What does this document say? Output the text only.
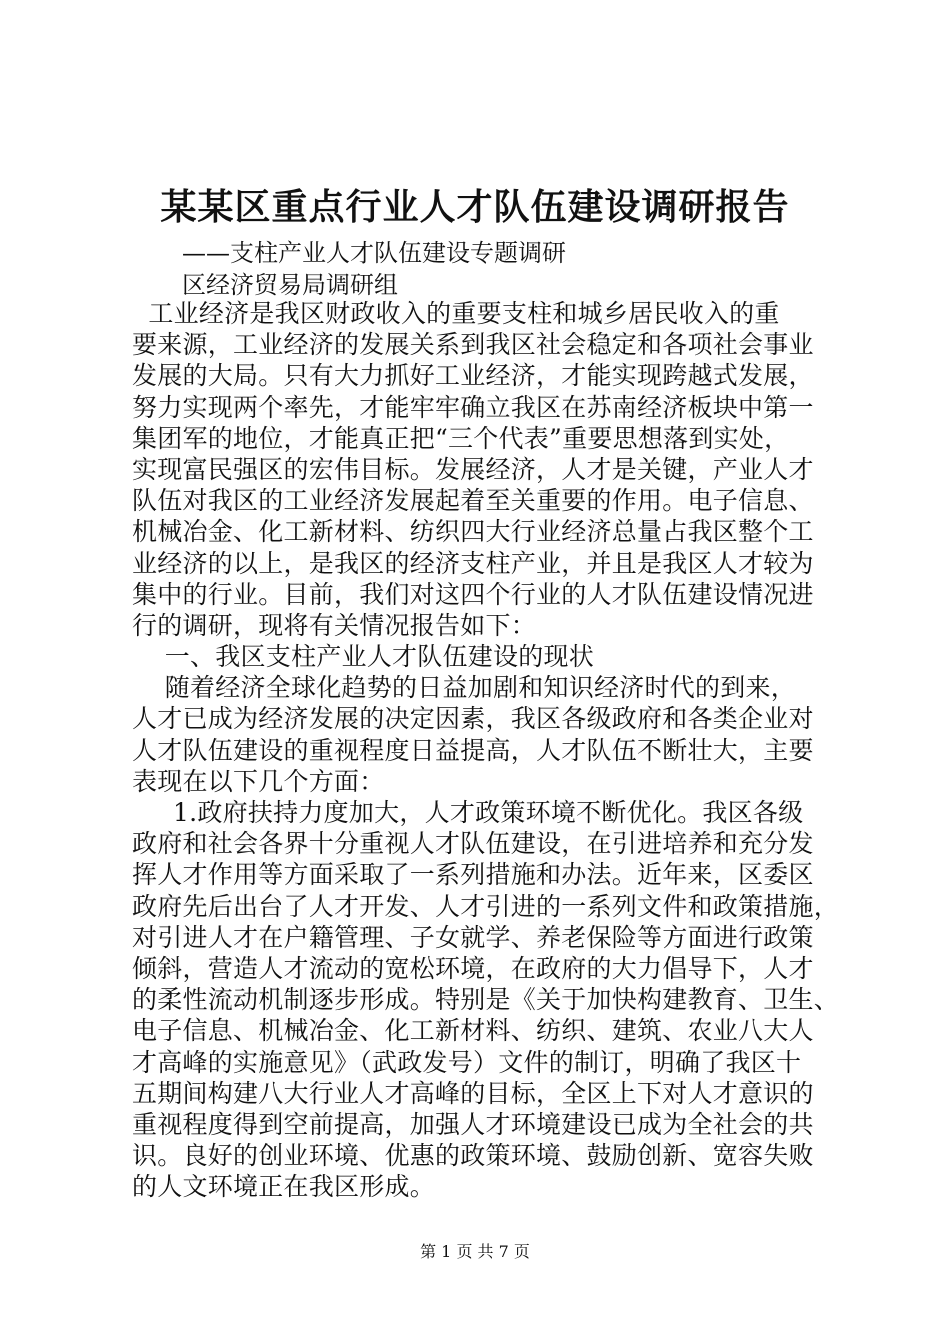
某某区重点行业人才队伍建设调研报告
——支柱产业人才队伍建设专题调研
区经济贸易局调研组
工业经济是我区财政收入的重要支柱和城乡居民收入的重
要来源，工业经济的发展关系到我区社会稳定和各项社会事业
发展的大局。只有大力抓好工业经济，才能实现跨越式发展，
努力实现两个率先，才能牢牢确立我区在苏南经济板块中第一
集团军的地位，才能真正把“三个代表”重要思想落到实处，
实现富民强区的宏伟目标。发展经济，人才是关键，产业人才
队伍对我区的工业经济发展起着至关重要的作用。电子信息、
机械冶金、化工新材料、纺织四大行业经济总量占我区整个工
业经济的以上，是我区的经济支柱产业，并且是我区人才较为
集中的行业。目前，我们对这四个行业的人才队伍建设情况进
行的调研，现将有关情况报告如下：
一、我区支柱产业人才队伍建设的现状
随着经济全球化趋势的日益加剧和知识经济时代的到来，
人才已成为经济发展的决定因素，我区各级政府和各类企业对
人才队伍建设的重视程度日益提高，人才队伍不断壮大，主要
表现在以下几个方面：
1.政府扶持力度加大，人才政策环境不断优化。我区各级
政府和社会各界十分重视人才队伍建设，在引进培养和充分发
挥人才作用等方面采取了一系列措施和办法。近年来，区委区
政府先后出台了人才开发、人才引进的一系列文件和政策措施，
对引进人才在户籍管理、子女就学、养老保险等方面进行政策
倾斜，营造人才流动的宽松环境，在政府的大力倡导下，人才
的柔性流动机制逐步形成。特别是《关于加快构建教育、卫生、
电子信息、机械冶金、化工新材料、纺织、建筑、农业八大人
才高峰的实施意见》（武政发号）文件的制订，明确了我区十
五期间构建八大行业人才高峰的目标，全区上下对人才意识的
重视程度得到空前提高，加强人才环境建设已成为全社会的共
识。良好的创业环境、优惠的政策环境、鼓励创新、宽容失败
的人文环境正在我区形成。
第 1 页 共 7 页
